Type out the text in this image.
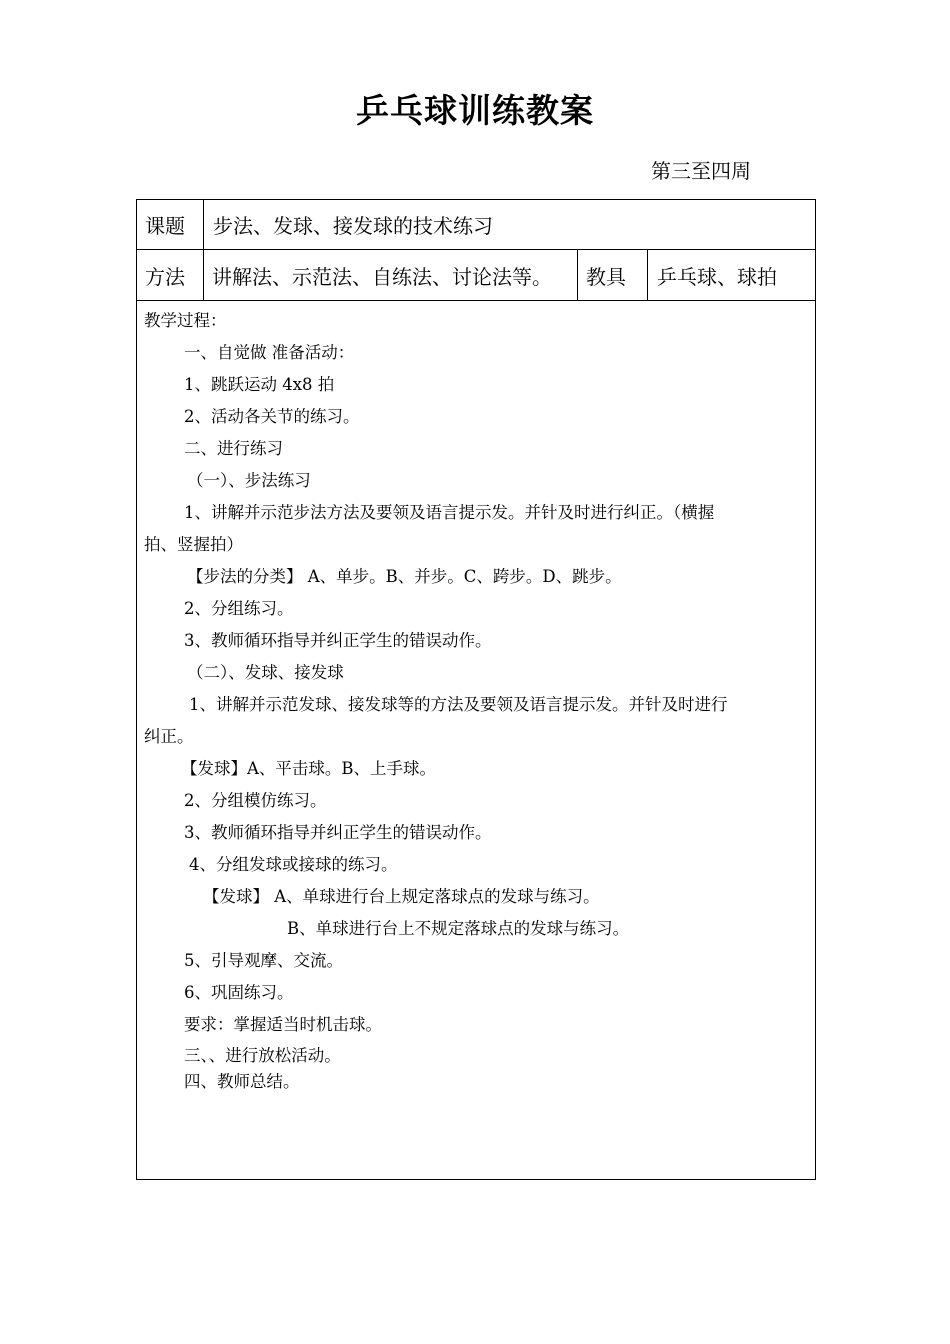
乒乓球训练教案
第三至四周
课题	步法、发球、接发球的技术练习
方法	讲解法、示范法、自练法、讨论法等。	教具	乒乓球、球拍
教学过程：
一、自觉做 准备活动：
1、跳跃运动 4x8 拍
2、活动各关节的练习。
二、进行练习
（一）、步法练习
1、讲解并示范步法方法及要领及语言提示发。并针及时进行纠正。（横握
拍、竖握拍）
【步法的分类】 A、单步。B、并步。C、跨步。D、跳步。
2、分组练习。
3、教师循环指导并纠正学生的错误动作。
（二）、发球、接发球
1、讲解并示范发球、接发球等的方法及要领及语言提示发。并针及时进行
纠正。
【发球】A、平击球。B、上手球。
2、分组模仿练习。
3、教师循环指导并纠正学生的错误动作。
4、分组发球或接球的练习。
【发球】 A、单球进行台上规定落球点的发球与练习。
B、单球进行台上不规定落球点的发球与练习。
5、引导观摩、交流。
6、巩固练习。
要求：掌握适当时机击球。
三、、进行放松活动。
四、教师总结。
